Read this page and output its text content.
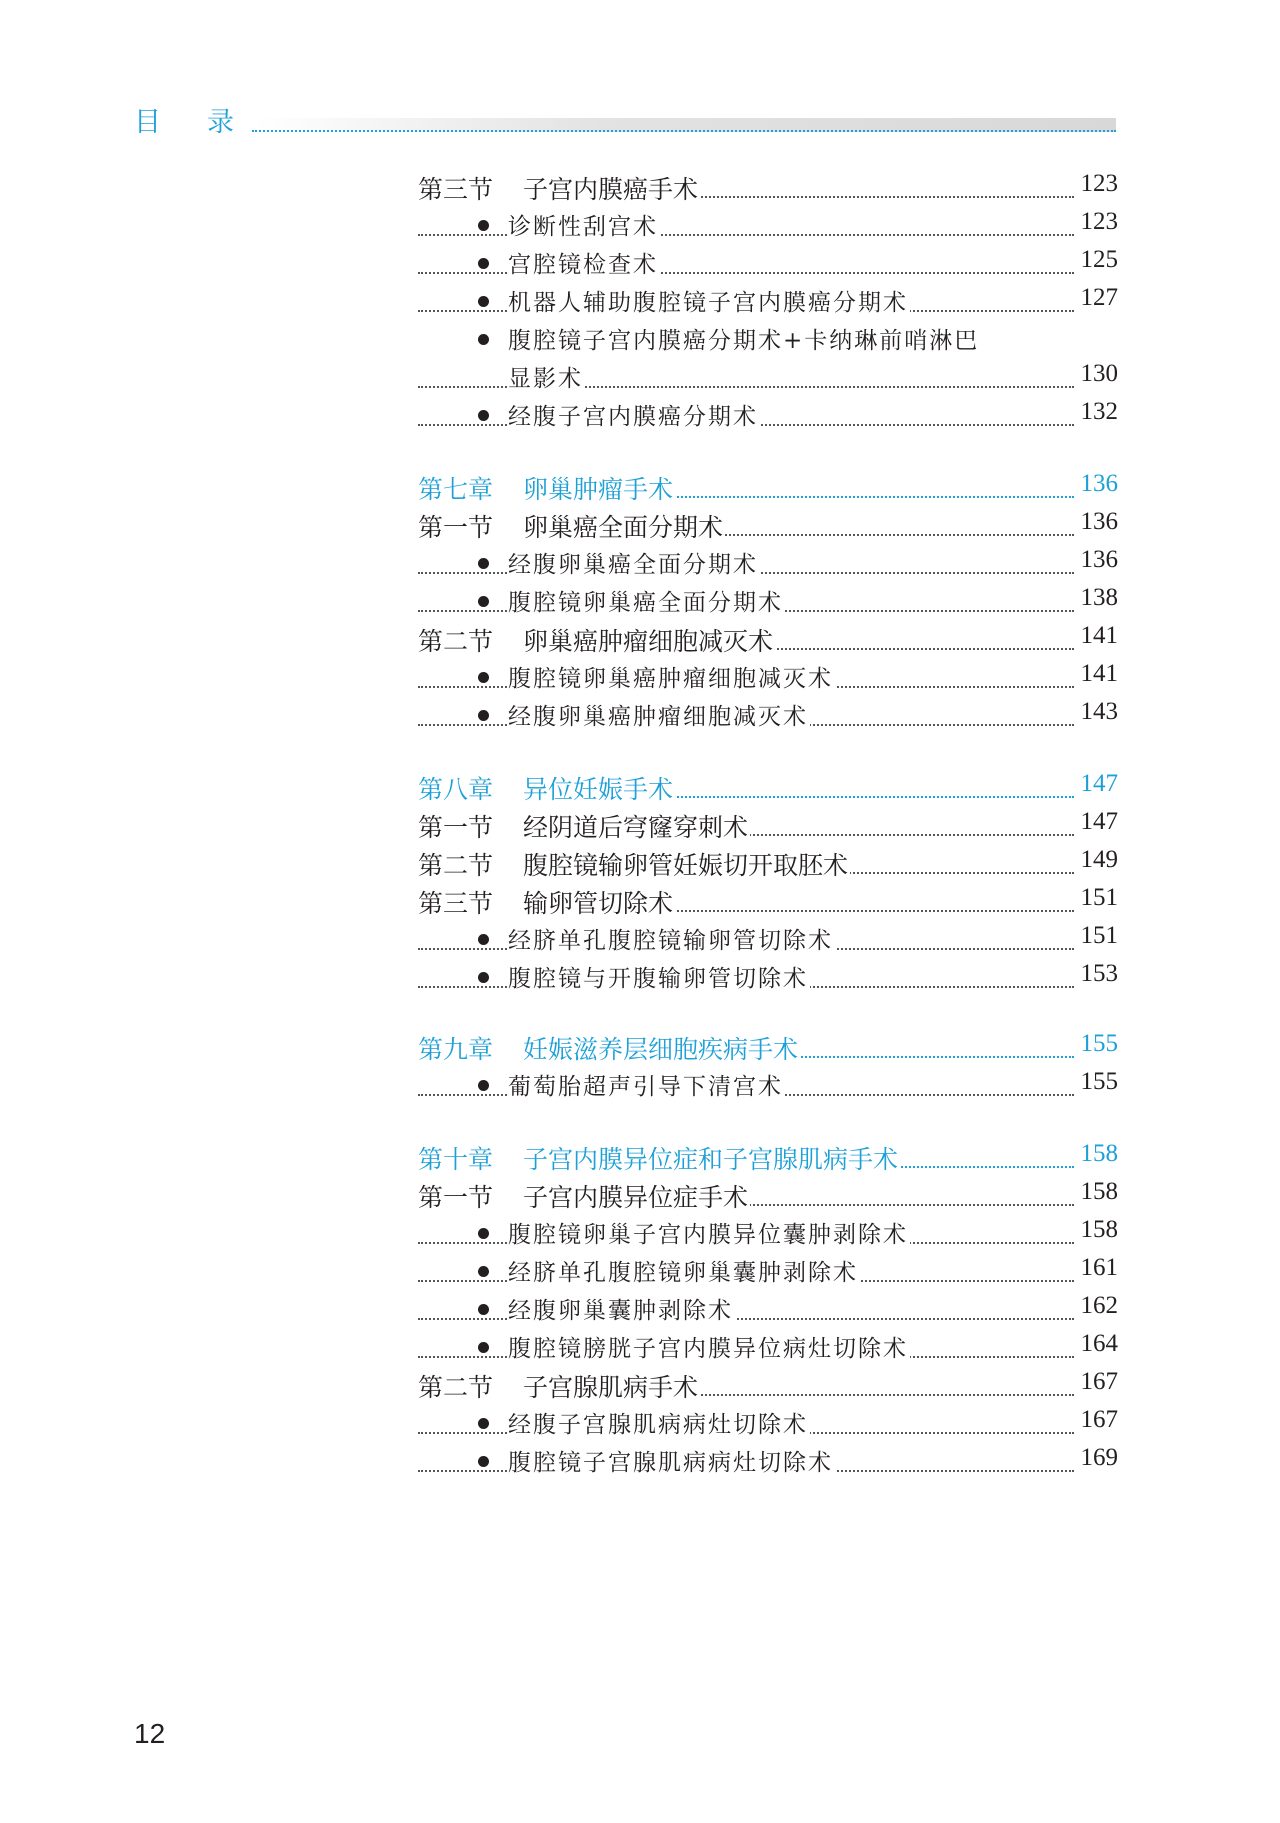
目 录
第三节 子宫内膜癌手术	123
诊断性刮宫术	123
宫腔镜检查术	125
机器人辅助腹腔镜子宫内膜癌分期术	127
腹腔镜子宫内膜癌分期术+卡纳琳前哨淋巴
显影术	130
经腹子宫内膜癌分期术	132
第七章 卵巢肿瘤手术	136
第一节 卵巢癌全面分期术	136
经腹卵巢癌全面分期术	136
腹腔镜卵巢癌全面分期术	138
第二节 卵巢癌肿瘤细胞减灭术	141
腹腔镜卵巢癌肿瘤细胞减灭术	141
经腹卵巢癌肿瘤细胞减灭术	143
第八章 异位妊娠手术	147
第一节 经阴道后穹窿穿刺术	147
第二节 腹腔镜输卵管妊娠切开取胚术	149
第三节 输卵管切除术	151
经脐单孔腹腔镜输卵管切除术	151
腹腔镜与开腹输卵管切除术	153
第九章 妊娠滋养层细胞疾病手术	155
葡萄胎超声引导下清宫术	155
第十章 子宫内膜异位症和子宫腺肌病手术	158
第一节 子宫内膜异位症手术	158
腹腔镜卵巢子宫内膜异位囊肿剥除术	158
经脐单孔腹腔镜卵巢囊肿剥除术	161
经腹卵巢囊肿剥除术	162
腹腔镜膀胱子宫内膜异位病灶切除术	164
第二节 子宫腺肌病手术	167
经腹子宫腺肌病病灶切除术	167
腹腔镜子宫腺肌病病灶切除术	169
12
